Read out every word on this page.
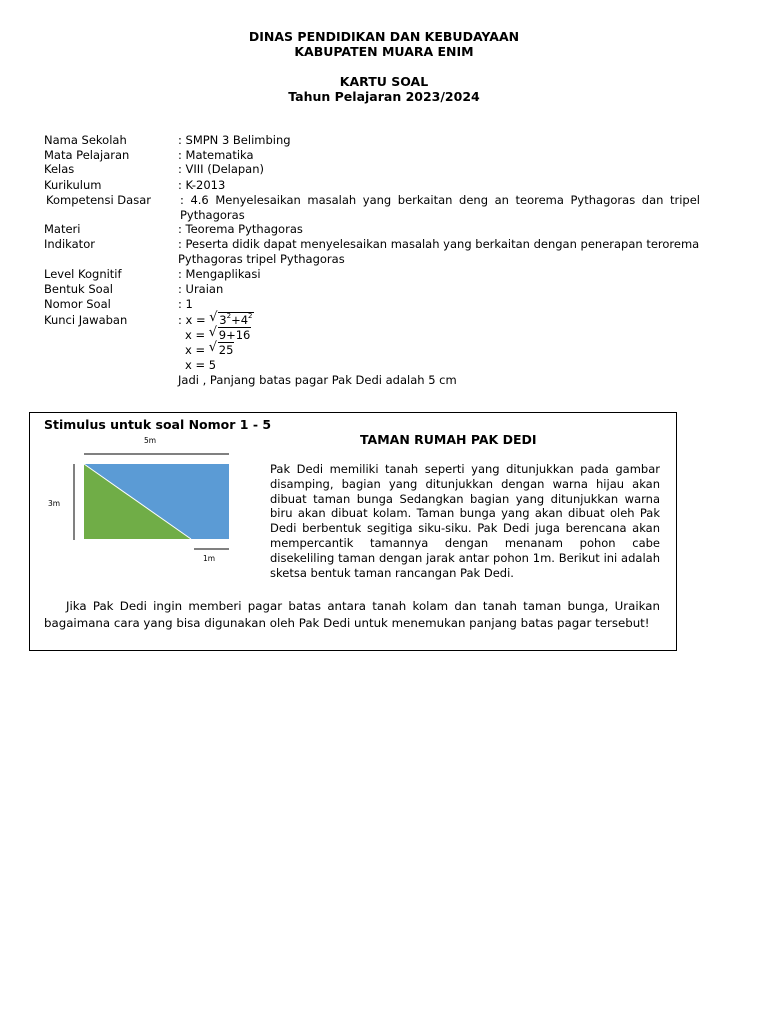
DINAS PENDIDIKAN DAN KEBUDAYAAN
KABUPATEN MUARA ENIM
KARTU SOAL
Tahun Pelajaran 2023/2024
Nama Sekolah	: SMPN 3 Belimbing
Mata Pelajaran	: Matematika
Kelas	: VIII (Delapan)
Kurikulum	: K-2013
Kompetensi Dasar	: 4.6 Menyelesaikan masalah yang berkaitan deng an teorema Pythagoras dan tripel
Pythagoras
Materi	: Teorema Pythagoras
Indikator	: Peserta didik dapat menyelesaikan masalah yang berkaitan dengan penerapan terorema
Pythagoras tripel Pythagoras
Level Kognitif	: Mengaplikasi
Bentuk Soal	: Uraian
Nomor Soal	: 1
Kunci Jawaban	: x = √ $3^2+4^2$
x = √ 9+16
x = √ 25
x = 5
Jadi , Panjang batas pagar Pak Dedi adalah 5 cm
Stimulus untuk soal Nomor 1 - 5
TAMAN RUMAH PAK DEDI
5m
3m
1m
Pak Dedi memiliki tanah seperti yang ditunjukkan pada gambar disamping, bagian yang ditunjukkan dengan warna hijau akan dibuat taman bunga Sedangkan bagian yang ditunjukkan warna biru akan dibuat kolam. Taman bunga yang akan dibuat oleh Pak Dedi berbentuk segitiga siku-siku. Pak Dedi juga berencana akan mempercantik tamannya dengan menanam pohon cabe disekeliling taman dengan jarak antar pohon 1m. Berikut ini adalah sketsa bentuk taman rancangan Pak Dedi.
Jika Pak Dedi ingin memberi pagar batas antara tanah kolam dan tanah taman bunga, Uraikan bagaimana cara yang bisa digunakan oleh Pak Dedi untuk menemukan panjang batas pagar tersebut!
